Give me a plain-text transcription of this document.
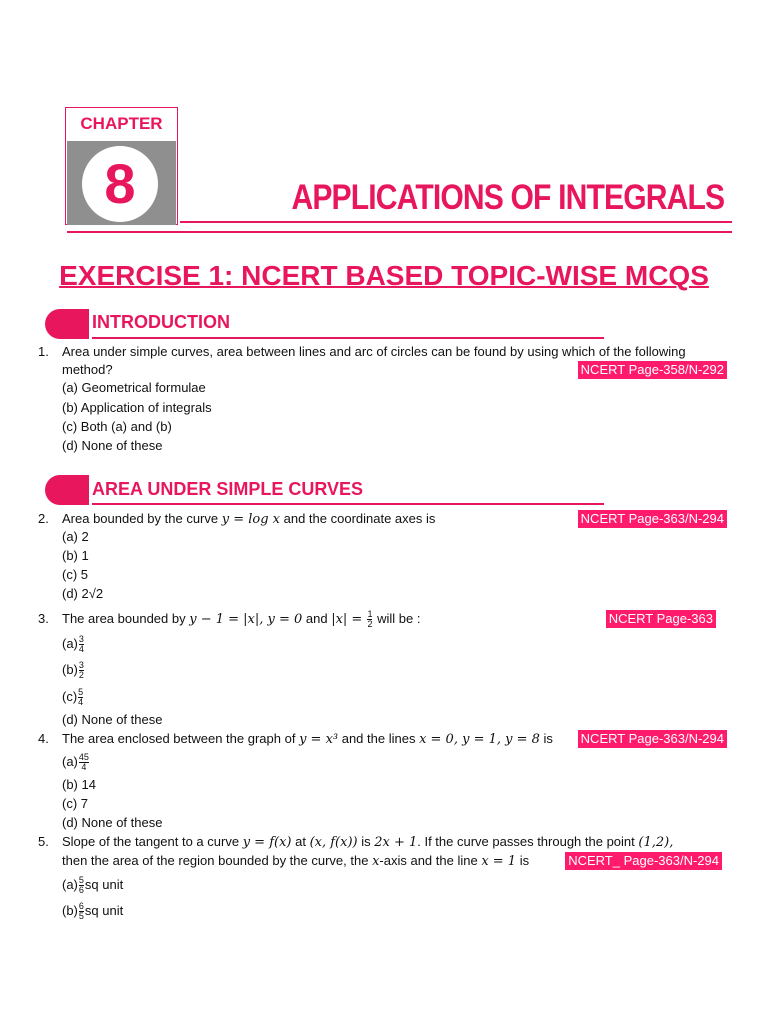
CHAPTER
8	APPLICATIONS OF INTEGRALS
EXERCISE 1: NCERT BASED TOPIC-WISE MCQS
INTRODUCTION
1. Area under simple curves, area between lines and arc of circles can be found by using which of the following
method?	NCERT Page-358/N-292
(a) Geometrical formulae
(b) Application of integrals
(c) Both (a) and (b)
(d) None of these
AREA UNDER SIMPLE CURVES
2. Area bounded by the curve y = log x and the coordinate axes is	NCERT Page-363/N-294
(a) 2
(b) 1
(c) 5
(d) 2√2
3. The area bounded by y − 1 = |x|, y = 0 and $|x| = \frac{1}{2}$ will be :	NCERT Page-363
$(a) \frac{3}{4}$
$(b) \frac{3}{2}$
$(c) \frac{5}{4}$
(d) None of these
4. The area enclosed between the graph of y = x³ and the lines x = 0, y = 1, y = 8 is NCERT Page-363/N-294
$(a) \frac{45}{4}$
(b) 14
(c) 7
(d) None of these
5. Slope of the tangent to a curve y = f(x) at (x, f(x)) is 2x + 1. If the curve passes through the point (1,2),
then the area of the region bounded by the curve, the x-axis and the line x = 1 is	NCERT_ Page-363/N-294
$(a) \frac{5}{6}$ sq unit
$(b) \frac{6}{5}$ sq unit
